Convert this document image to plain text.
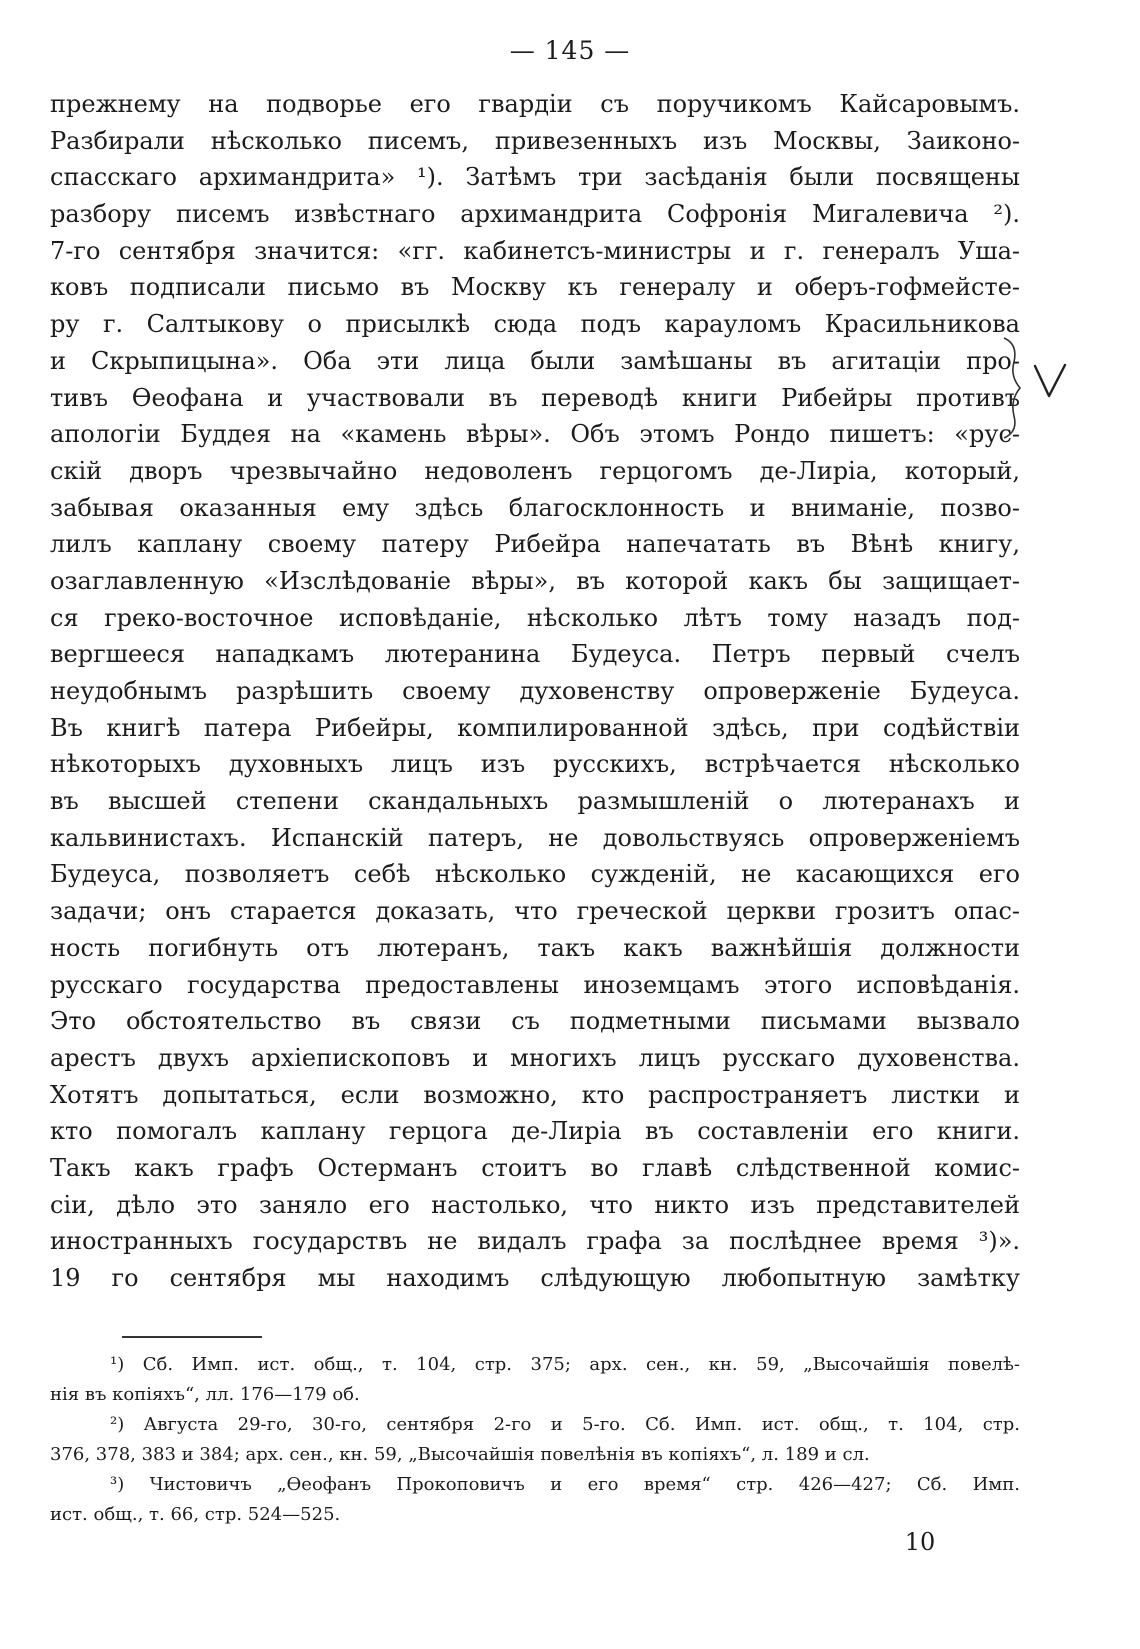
— 145 —
прежнему на подворье его гвардіи съ поручикомъ Кайсаровымъ.
Разбирали нѣсколько писемъ, привезенныхъ изъ Москвы, Заиконо-
спасскаго архимандрита» ¹). Затѣмъ три засѣданія были посвящены
разбору писемъ извѣстнаго архимандрита Софронія Мигалевича ²).
7-го сентября значится: «гг. кабинетсъ-министры и г. генералъ Уша-
ковъ подписали письмо въ Москву къ генералу и оберъ-гофмейсте-
ру г. Салтыкову о присылкѣ сюда подъ карауломъ Красильникова
и Скрыпицына». Оба эти лица были замѣшаны въ агитаціи про-
тивъ Ѳеофана и участвовали въ переводѣ книги Рибейры противъ
апологіи Буддея на «камень вѣры». Объ этомъ Рондо пишетъ: «рус-
скій дворъ чрезвычайно недоволенъ герцогомъ де-Лиріа, который,
забывая оказанныя ему здѣсь благосклонность и вниманіе, позво-
лилъ каплану своему патеру Рибейра напечатать въ Вѣнѣ книгу,
озаглавленную «Изслѣдованіе вѣры», въ которой какъ бы защищает-
ся греко-восточное исповѣданіе, нѣсколько лѣтъ тому назадъ под-
вергшееся нападкамъ лютеранина Будеуса. Петръ первый счелъ
неудобнымъ разрѣшить своему духовенству опроверженіе Будеуса.
Въ книгѣ патера Рибейры, компилированной здѣсь, при содѣйствіи
нѣкоторыхъ духовныхъ лицъ изъ русскихъ, встрѣчается нѣсколько
въ высшей степени скандальныхъ размышленій о лютеранахъ и
кальвинистахъ. Испанскій патеръ, не довольствуясь опроверженіемъ
Будеуса, позволяетъ себѣ нѣсколько сужденій, не касающихся его
задачи; онъ старается доказать, что греческой церкви грозитъ опас-
ность погибнуть отъ лютеранъ, такъ какъ важнѣйшія должности
русскаго государства предоставлены иноземцамъ этого исповѣданія.
Это обстоятельство въ связи съ подметными письмами вызвало
арестъ двухъ архіепископовъ и многихъ лицъ русскаго духовенства.
Хотятъ допытаться, если возможно, кто распространяетъ листки и
кто помогалъ каплану герцога де-Лиріа въ составленіи его книги.
Такъ какъ графъ Остерманъ стоитъ во главѣ слѣдственной комис-
сіи, дѣло это заняло его настолько, что никто изъ представителей
иностранныхъ государствъ не видалъ графа за послѣднее время ³)».
19 го сентября мы находимъ слѣдующую любопытную замѣтку
¹) Сб. Имп. ист. общ., т. 104, стр. 375; арх. сен., кн. 59, „Высочайшія повелѣ-
нія въ копіяхъ“, лл. 176—179 об.
²) Августа 29-го, 30-го, сентября 2-го и 5-го. Сб. Имп. ист. общ., т. 104, стр.
376, 378, 383 и 384; арх. сен., кн. 59, „Высочайшія повелѣнія въ копіяхъ“, л. 189 и сл.
³) Чистовичъ „Ѳеофанъ Прокоповичъ и его время“ стр. 426—427; Сб. Имп.
ист. общ., т. 66, стр. 524—525.
10
